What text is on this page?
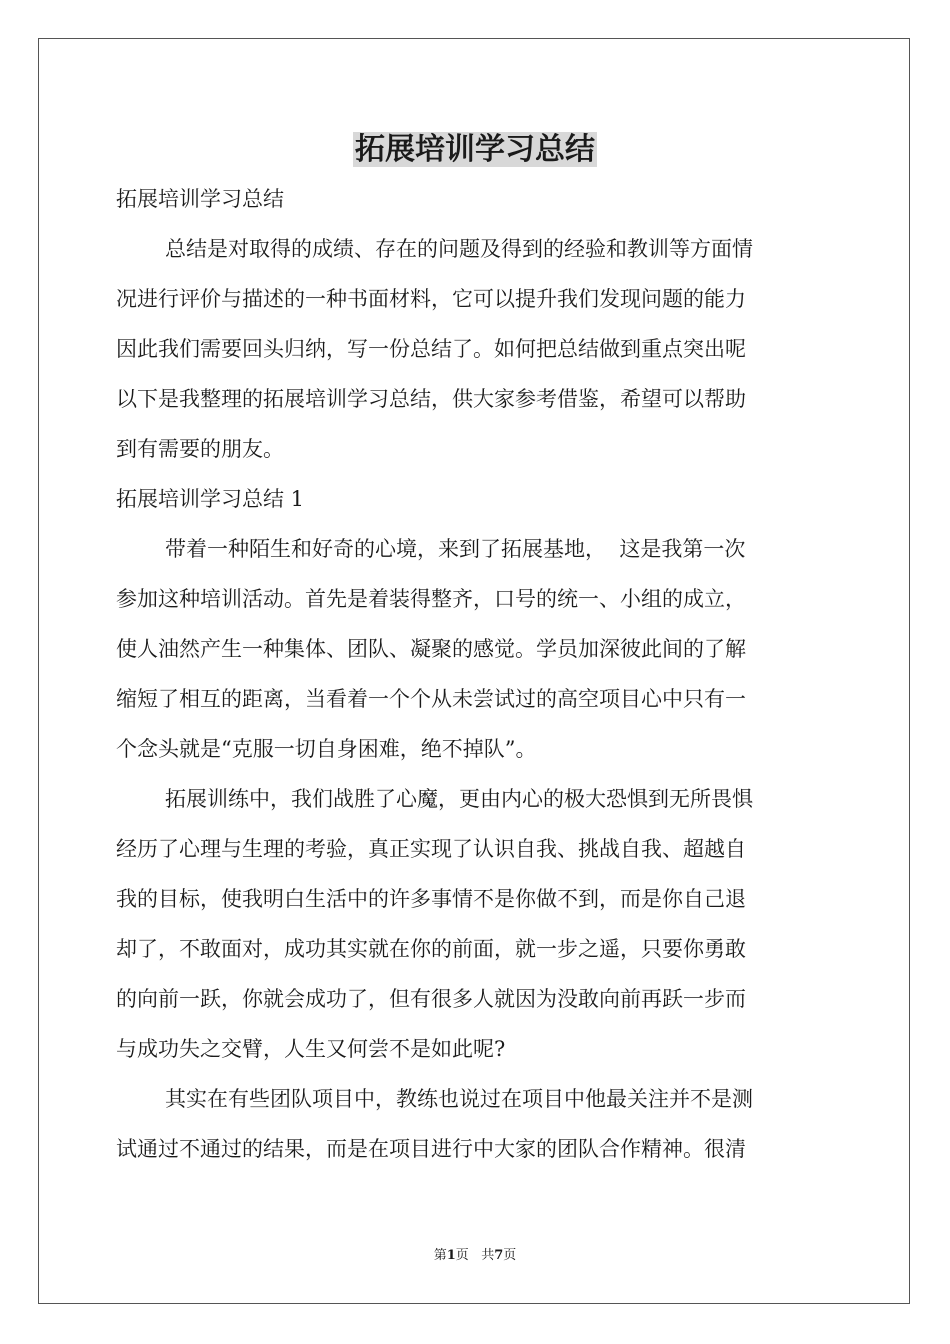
拓展培训学习总结
拓展培训学习总结
总结是对取得的成绩、存在的问题及得到的经验和教训等方面情
况进行评价与描述的一种书面材料，它可以提升我们发现问题的能力
因此我们需要回头归纳，写一份总结了。如何把总结做到重点突出呢
以下是我整理的拓展培训学习总结，供大家参考借鉴，希望可以帮助
到有需要的朋友。
拓展培训学习总结 1
带着一种陌生和好奇的心境，来到了拓展基地，  这是我第一次
参加这种培训活动。首先是着装得整齐，口号的统一、小组的成立，
使人油然产生一种集体、团队、凝聚的感觉。学员加深彼此间的了解
缩短了相互的距离，当看着一个个从未尝试过的高空项目心中只有一
个念头就是“克服一切自身困难，绝不掉队”。
拓展训练中，我们战胜了心魔，更由内心的极大恐惧到无所畏惧
经历了心理与生理的考验，真正实现了认识自我、挑战自我、超越自
我的目标，使我明白生活中的许多事情不是你做不到，而是你自己退
却了，不敢面对，成功其实就在你的前面，就一步之遥，只要你勇敢
的向前一跃，你就会成功了，但有很多人就因为没敢向前再跃一步而
与成功失之交臂，人生又何尝不是如此呢?
其实在有些团队项目中，教练也说过在项目中他最关注并不是测
试通过不通过的结果，而是在项目进行中大家的团队合作精神。很清
第1页 共7页
